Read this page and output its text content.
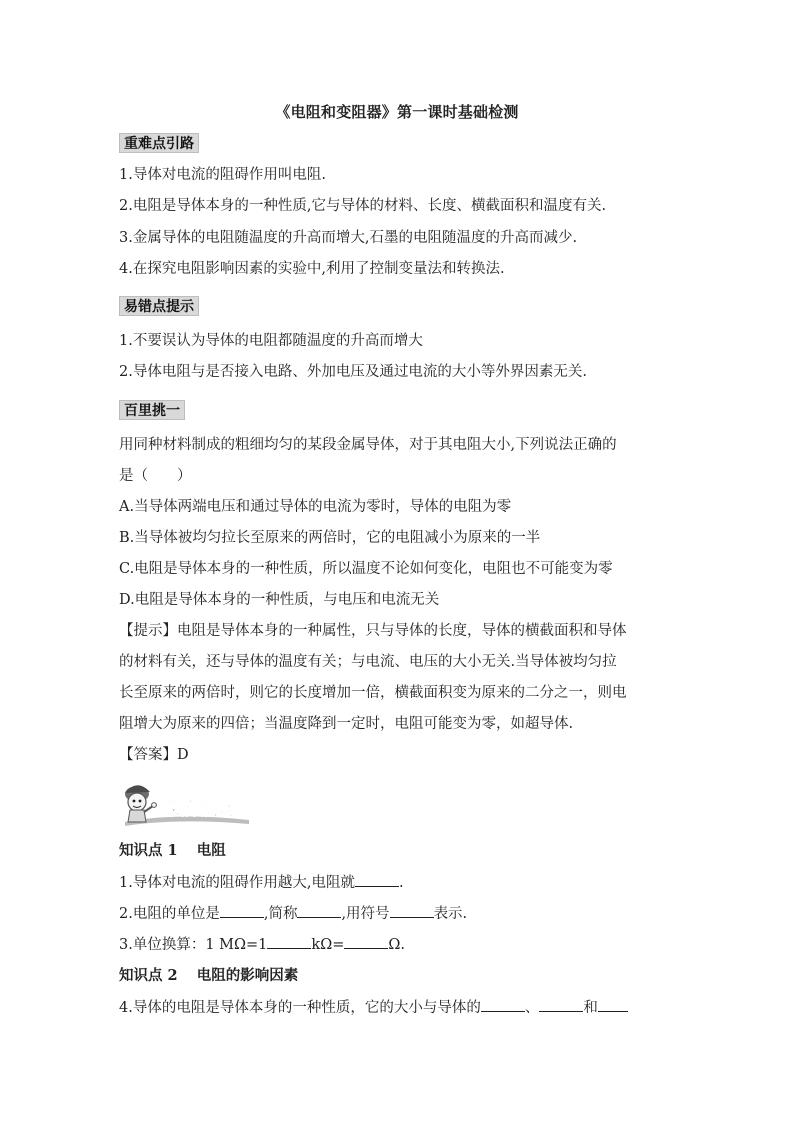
《电阻和变阻器》第一课时基础检测
重难点引路
1.导体对电流的阻碍作用叫电阻.
2.电阻是导体本身的一种性质,它与导体的材料、长度、横截面积和温度有关.
3.金属导体的电阻随温度的升高而增大,石墨的电阻随温度的升高而减少.
4.在探究电阻影响因素的实验中,利用了控制变量法和转换法.
易错点提示
1.不要误认为导体的电阻都随温度的升高而增大
2.导体电阻与是否接入电路、外加电压及通过电流的大小等外界因素无关.
百里挑一
用同种材料制成的粗细均匀的某段金属导体，对于其电阻大小,下列说法正确的
是（　　）
A.当导体两端电压和通过导体的电流为零时，导体的电阻为零
B.当导体被均匀拉长至原来的两倍时，它的电阻减小为原来的一半
C.电阻是导体本身的一种性质，所以温度不论如何变化，电阻也不可能变为零
D.电阻是导体本身的一种性质，与电压和电流无关
【提示】电阻是导体本身的一种属性，只与导体的长度，导体的横截面积和导体
的材料有关，还与导体的温度有关；与电流、电压的大小无关.当导体被均匀拉
长至原来的两倍时，则它的长度增加一倍，横截面积变为原来的二分之一，则电
阻增大为原来的四倍；当温度降到一定时，电阻可能变为零，如超导体.
【答案】D
课前预习
知识点 1 电阻
1.导体对电流的阻碍作用越大,电阻就	.
2.电阻的单位是	,简称	,用符号	表示.
3.单位换算：1 MΩ=1	kΩ=	Ω.
知识点 2 电阻的影响因素
4.导体的电阻是导体本身的一种性质，它的大小与导体的	、	和
